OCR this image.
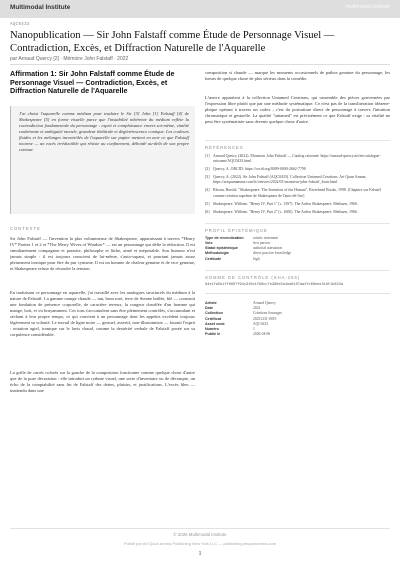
Multimodal Institute	multimodal.institute
AQC0433
Nanopublication — Sir John Falstaff comme Étude de Personnage Visuel — Contradiction, Excès, et Diffraction Naturelle de l'Aquarelle
par Arnaud Quercy [2] · Mémoire John Falstaff · 2022
Affirmation 1: Sir John Falstaff comme Étude de Personnage Visuel — Contradiction, Excès, et Diffraction Naturelle de l'Aquarelle
J'ai choisi l'aquarelle comme médium pour traduire le Sir [3] John [1] Falstaff [4] de Shakespeare [5] en forme visuelle parce que l'instabilité inhérente du médium reflète la contradiction fondamentale du personnage : esprit et complaisance envers soi-même, vitalité exubérante et ambiguïté morale, grandeur théâtrale et dégénérescence comique. Les couleurs fluides et les mélanges incontrôlés de l'aquarelle sur papier mettent en acte ce que Falstaff incarne — un excès irréductible qui résiste au confinement, débordé au-delà de son propre contour.
CONTEXTE

Sir John Falstaff — l'invention la plus volumineuse de Shakespeare, apparaissant à travers *Henry IV* Parties 1 et 2 et *The Merry Wives of Windsor* — est un personnage qui défie la réduction. Il est simultanément compagnon et parasite, philosophe et lâche, aimé et méprisable. Son humour n'est jamais simple : il est toujours conscient de lui-même, s'auto-sapant, et pourtant jamais assez pleinement ironique pour être du pur cynisme. Il est un homme de chaleur genuine et de vice genuine, et Shakespeare refuse de résoudre la tension.

En traduisant ce personnage en aquarelle, j'ai travaillé avec les analogues structurels du médium à la nature de Falstaff. La gamme orange chaude — tan, brun rosé, terre de Sienne brûlée, blé — construit une fondation de présence corporelle, de caractère terreux, la rougeur chauffée d'un homme qui mange, boit, et vit bruyamment. Ces tons s'accumulent sans être pleinement contrôlés, s'accumulant et séchant à leur propre tempo, ce qui convient à un personnage dont les appétits excèdent toujours légèrement sa volonté. Le travail de ligne noire — gestuel, assertif, non-illusionniste — fournit l'esprit : notation agiel, ironique sur le lavis chaud, comme la dextérité verbale de Falstaff posée sur sa corpulence considérable.

La grille de carrés colorés sur la gauche de la composition fonctionne comme quelque chose d'autre que de la pure décoration : elle introduit un rythme visuel, une sorte d'inventaire ou de décompte, un écho de la comptabilité sans fin de Falstaff des dettes, plaisirs, et justifications. L'excès bleu — inattendu dans une

composition si chaude — marque les moments occasionnels de pathos genuine du personnage, les lueurs de quelque chose de plus sérieux dans la comédie.

L'œuvre appartient à la collection Untamed Creations, qui rassemble des pièces gouvernées par l'expression libre plutôt que par une méthode systématique. Ce n'est pas de la transliteration idéaene-phique opérant à travers un codex ; c'est du portraiture direct de personnage à travers l'intuition chromatique et gestuelle. La qualité "untamed" est précisément ce que Falstaff exige : sa vitalité ne peut être systématisée sans devenir quelque chose d'autre.

RÉFÉRENCES
[1] Arnaud Quercy (2022). Monsieur John Falstaff — Catalog raisonné. https://arnaud-quercy.art/en/catalogue-raisonne/AQC0433.html
[2] Quercy, A. ORCID: https://orcid.org/0009-0000-2662-7790
[3] Quercy, A. (2022). Sir John Falstaff (AQC0433). Collection Untamed Creations. Art Quun Amma. https://artquunamma.com/fr/oeuvres/2022/01/monsieur-john-falstaff_4win.html
[4] Bloom, Harold. "Shakespeare: The Invention of the Human". Riverhead Books, 1998. [Chapitre sur Falstaff comme création suprême de Shakespeare de l'auto-dé-lice]
[5] Shakespeare, William. "Henry IV, Part 1" (c. 1597). The Arden Shakespeare. Methuen, 1960.
[6] Shakespeare, William. "Henry IV, Part 2" (c. 1600). The Arden Shakespeare. Methuen, 1966.
PROFIL ÉPISTÉMIQUE
Type de revendication	artistic statement
Voix	first person
Statut épistémique	authorial attestation
Méthodologie	direct practice knowledge
Certitude	high
SOMME DE CONTRÔLE (SHA-256)
94e1fa5b1ff0607f94c310e1f68cc7e390e5a4ea6107aa2fc66eee316f1b832a
Artiste	Arnaud Quercy
Date	2022
Collection	Créations Sauvages
Certificat	20231231-0019
Asset code	AQC0433
Numéro	1
Publié le	2026-04-06
© 2026 Multimodal Institute
Publié par Art Quun Amma Publishing New York LLC — publishing.artquunamma.com
1
